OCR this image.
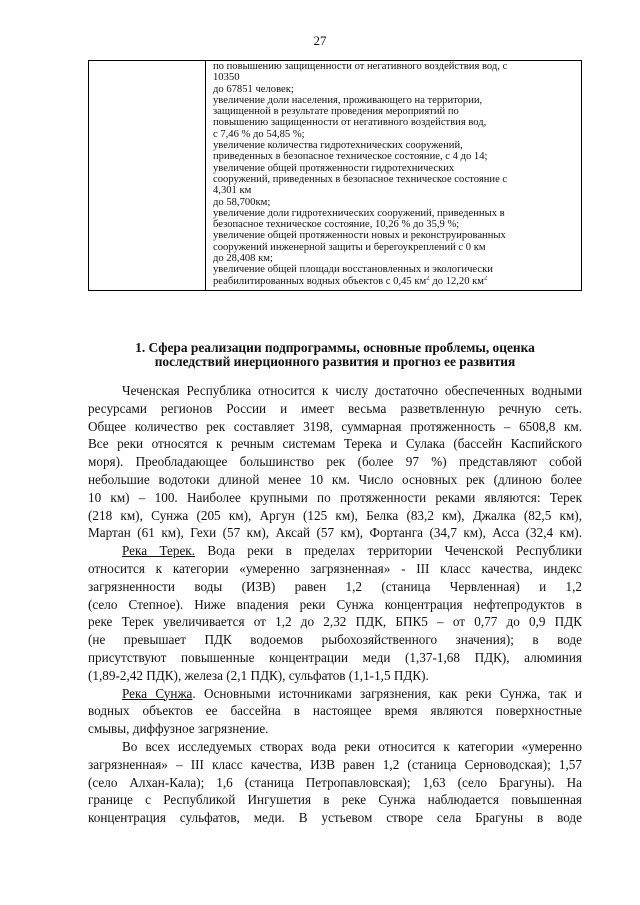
27

по повышению защищенности от негативного воздействия вод, с
10350
до 67851 человек;
увеличение доли населения, проживающего на территории,
защищенной в результате проведения мероприятий по
повышению защищенности от негативного воздействия вод,
с 7,46 % до 54,85 %;
увеличение количества гидротехнических сооружений,
приведенных в безопасное техническое состояние, с 4 до 14;
увеличение общей протяженности гидротехнических
сооружений, приведенных в безопасное техническое состояние с
4,301 км
до 58,700км;
увеличение доли гидротехнических сооружений, приведенных в
безопасное техническое состояние, 10,26 % до 35,9 %;
увеличение общей протяженности новых и реконструированных
сооружений инженерной защиты и берегоукреплений с 0 км
до 28,408 км;
увеличение общей площади восстановленных и экологически
реабилитированных водных объектов с 0,45 $км^2$ до 12,20 $км^2$
1. Сфера реализации подпрограммы, основные проблемы, оценка
последствий инерционного развития и прогноз ее развития
Чеченская Республика относится к числу достаточно обеспеченных водными
ресурсами регионов России и имеет весьма разветвленную речную сеть.
Общее количество рек составляет 3198, суммарная протяженность – 6508,8 км.
Все реки относятся к речным системам Терека и Сулака (бассейн Каспийского
моря). Преобладающее большинство рек (более 97 %) представляют собой
небольшие водотоки длиной менее 10 км. Число основных рек (длиною более
10 км) – 100. Наиболее крупными по протяженности реками являются: Терек
(218 км), Сунжа (205 км), Аргун (125 км), Белка (83,2 км), Джалка (82,5 км),
Мартан (61 км), Гехи (57 км), Аксай (57 км), Фортанга (34,7 км), Асса (32,4 км).
Река Терек. Вода реки в пределах территории Чеченской Республики
относится к категории «умеренно загрязненная» - III класс качества, индекс
загрязненности воды (ИЗВ) равен 1,2 (станица Червленная) и 1,2
(село Степное). Ниже впадения реки Сунжа концентрация нефтепродуктов в
реке Терек увеличивается от 1,2 до 2,32 ПДК, БПК5 – от 0,77 до 0,9 ПДК
(не превышает ПДК водоемов рыбохозяйственного значения); в воде
присутствуют повышенные концентрации меди (1,37-1,68 ПДК), алюминия
(1,89-2,42 ПДК), железа (2,1 ПДК), сульфатов (1,1-1,5 ПДК).
Река Сунжа. Основными источниками загрязнения, как реки Сунжа, так и
водных объектов ее бассейна в настоящее время являются поверхностные
смывы, диффузное загрязнение.
Во всех исследуемых створах вода реки относится к категории «умеренно
загрязненная» – III класс качества, ИЗВ равен 1,2 (станица Серноводская); 1,57
(село Алхан-Кала); 1,6 (станица Петропавловская); 1,63 (село Брагуны). На
границе с Республикой Ингушетия в реке Сунжа наблюдается повышенная
концентрация сульфатов, меди. В устьевом створе села Брагуны в воде
